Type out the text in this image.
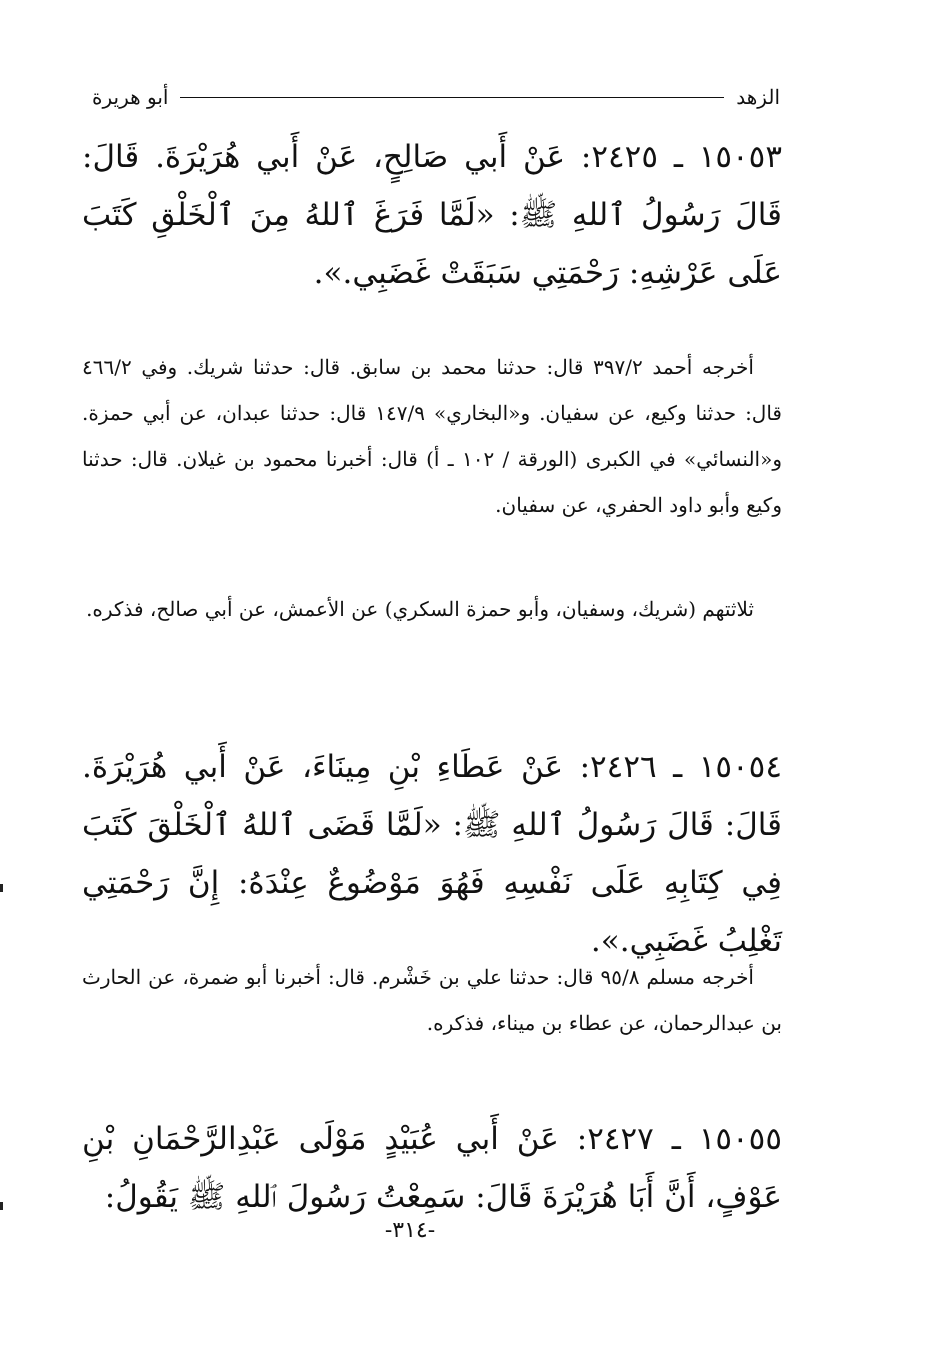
الزهد
أبو هريرة

١٥٠٥٣ ـ ٢٤٢٥: عَنْ أَبي صَالِحٍ، عَنْ أَبي هُرَيْرَةَ. قَالَ: قَالَ رَسُولُ ٱللهِ ﷺ: «لَمَّا فَرَغَ ٱللهُ مِنَ ٱلْخَلْقِ كَتَبَ عَلَى عَرْشِهِ: رَحْمَتِي سَبَقَتْ غَضَبِي.».

أخرجه أحمد ٣٩٧/٢ قال: حدثنا محمد بن سابق. قال: حدثنا شريك. وفي ٤٦٦/٢ قال: حدثنا وكيع، عن سفيان. و«البخاري» ١٤٧/٩ قال: حدثنا عبدان، عن أبي حمزة. و«النسائي» في الكبرى (الورقة / ١٠٢ ـ أ) قال: أخبرنا محمود بن غيلان. قال: حدثنا وكيع وأبو داود الحفري، عن سفيان.

ثلاثتهم (شريك، وسفيان، وأبو حمزة السكري) عن الأعمش، عن أبي صالح، فذكره.

١٥٠٥٤ ـ ٢٤٢٦: عَنْ عَطَاءِ بْنِ مِينَاءَ، عَنْ أَبي هُرَيْرَةَ. قَالَ: قَالَ رَسُولُ ٱللهِ ﷺ: «لَمَّا قَضَى ٱللهُ ٱلْخَلْقَ كَتَبَ فِي كِتَابِهِ عَلَى نَفْسِهِ فَهُوَ مَوْضُوعٌ عِنْدَهُ: إِنَّ رَحْمَتِي تَغْلِبُ غَضَبِي.».

أخرجه مسلم ٩٥/٨ قال: حدثنا علي بن خَشْرم. قال: أخبرنا أبو ضمرة، عن الحارث بن عبدالرحمان، عن عطاء بن ميناء، فذكره.

١٥٠٥٥ ـ ٢٤٢٧: عَنْ أَبي عُبَيْدٍ مَوْلَى عَبْدِالرَّحْمَانِ بْنِ عَوْفٍ، أَنَّ أَبَا هُرَيْرَةَ قَالَ: سَمِعْتُ رَسُولَ ٱللهِ ﷺ يَقُولُ:

-٣١٤-
